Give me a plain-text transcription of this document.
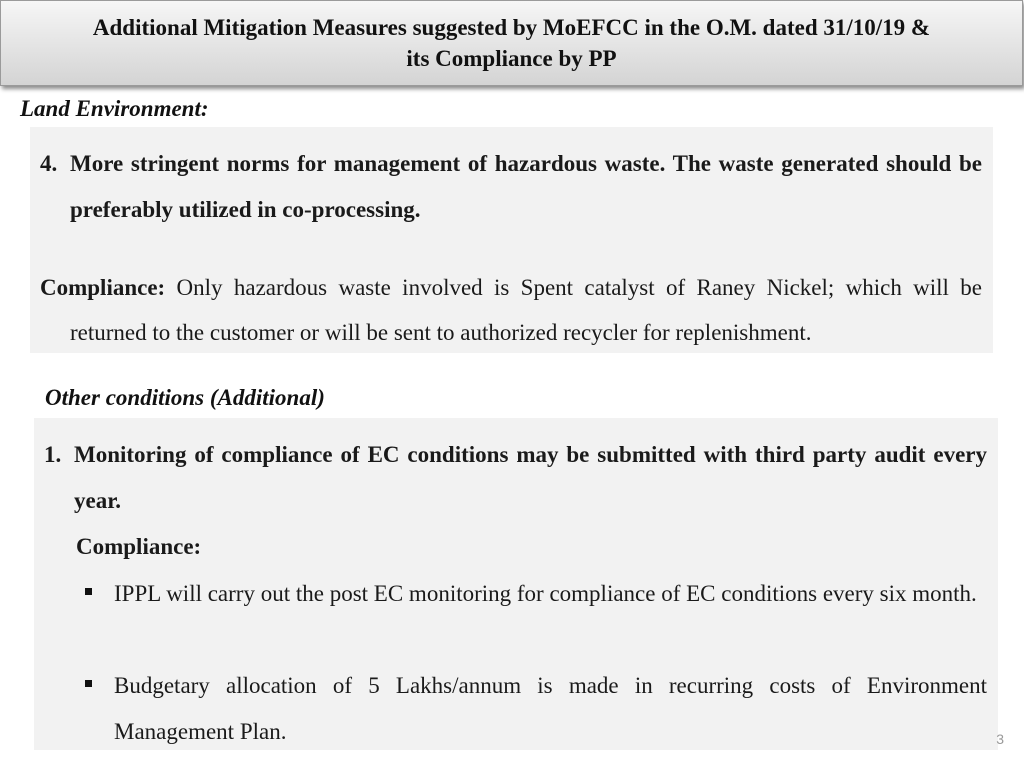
Additional Mitigation Measures suggested by MoEFCC in the O.M. dated 31/10/19 &
its Compliance by PP
Land Environment:
4. More stringent norms for management of hazardous waste. The waste generated should be preferably utilized in co-processing.
Compliance: Only hazardous waste involved is Spent catalyst of Raney Nickel; which will be returned to the customer or will be sent to authorized recycler for replenishment.
Other conditions (Additional)
1. Monitoring of compliance of EC conditions may be submitted with third party audit every year.
Compliance:
IPPL will carry out the post EC monitoring for compliance of EC conditions every six month.
Budgetary allocation of 5 Lakhs/annum is made in recurring costs of Environment Management Plan.	3
